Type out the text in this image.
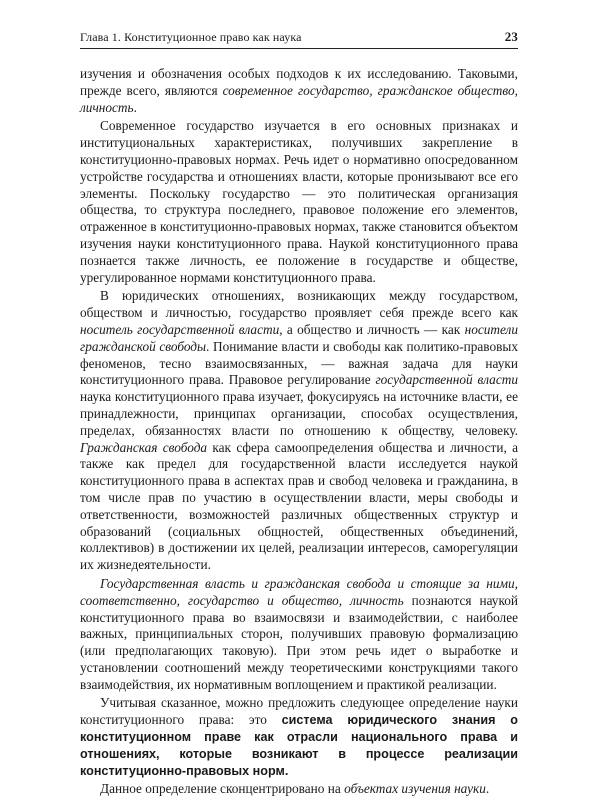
Глава 1. Конституционное право как наука	23

изучения и обозначения особых подходов к их исследованию. Таковыми, прежде всего, являются современное государство, гражданское общество, личность.

Современное государство изучается в его основных признаках и институциональных характеристиках, получивших закрепление в конституционно-правовых нормах. Речь идет о нормативно опосредованном устройстве государства и отношениях власти, которые пронизывают все его элементы. Поскольку государство — это политическая организация общества, то структура последнего, правовое положение его элементов, отраженное в конституционно-правовых нормах, также становится объектом изучения науки конституционного права. Наукой конституционного права познается также личность, ее положение в государстве и обществе, урегулированное нормами конституционного права.

В юридических отношениях, возникающих между государством, обществом и личностью, государство проявляет себя прежде всего как носитель государственной власти, а общество и личность — как носители гражданской свободы. Понимание власти и свободы как политико-правовых феноменов, тесно взаимосвязанных, — важная задача для науки конституционного права. Правовое регулирование государственной власти наука конституционного права изучает, фокусируясь на источнике власти, ее принадлежности, принципах организации, способах осуществления, пределах, обязанностях власти по отношению к обществу, человеку. Гражданская свобода как сфера самоопределения общества и личности, а также как предел для государственной власти исследуется наукой конституционного права в аспектах прав и свобод человека и гражданина, в том числе прав по участию в осуществлении власти, меры свободы и ответственности, возможностей различных общественных структур и образований (социальных общностей, общественных объединений, коллективов) в достижении их целей, реализации интересов, саморегуляции их жизнедеятельности.

Государственная власть и гражданская свобода и стоящие за ними, соответственно, государство и общество, личность познаются наукой конституционного права во взаимосвязи и взаимодействии, с наиболее важных, принципиальных сторон, получивших правовую формализацию (или предполагающих таковую). При этом речь идет о выработке и установлении соотношений между теоретическими конструкциями такого взаимодействия, их нормативным воплощением и практикой реализации.

Учитывая сказанное, можно предложить следующее определение науки конституционного права: это система юридического знания о конституционном праве как отрасли национального права и отношениях, которые возникают в процессе реализации конституционно-правовых норм.

Данное определение сконцентрировано на объектах изучения науки.
